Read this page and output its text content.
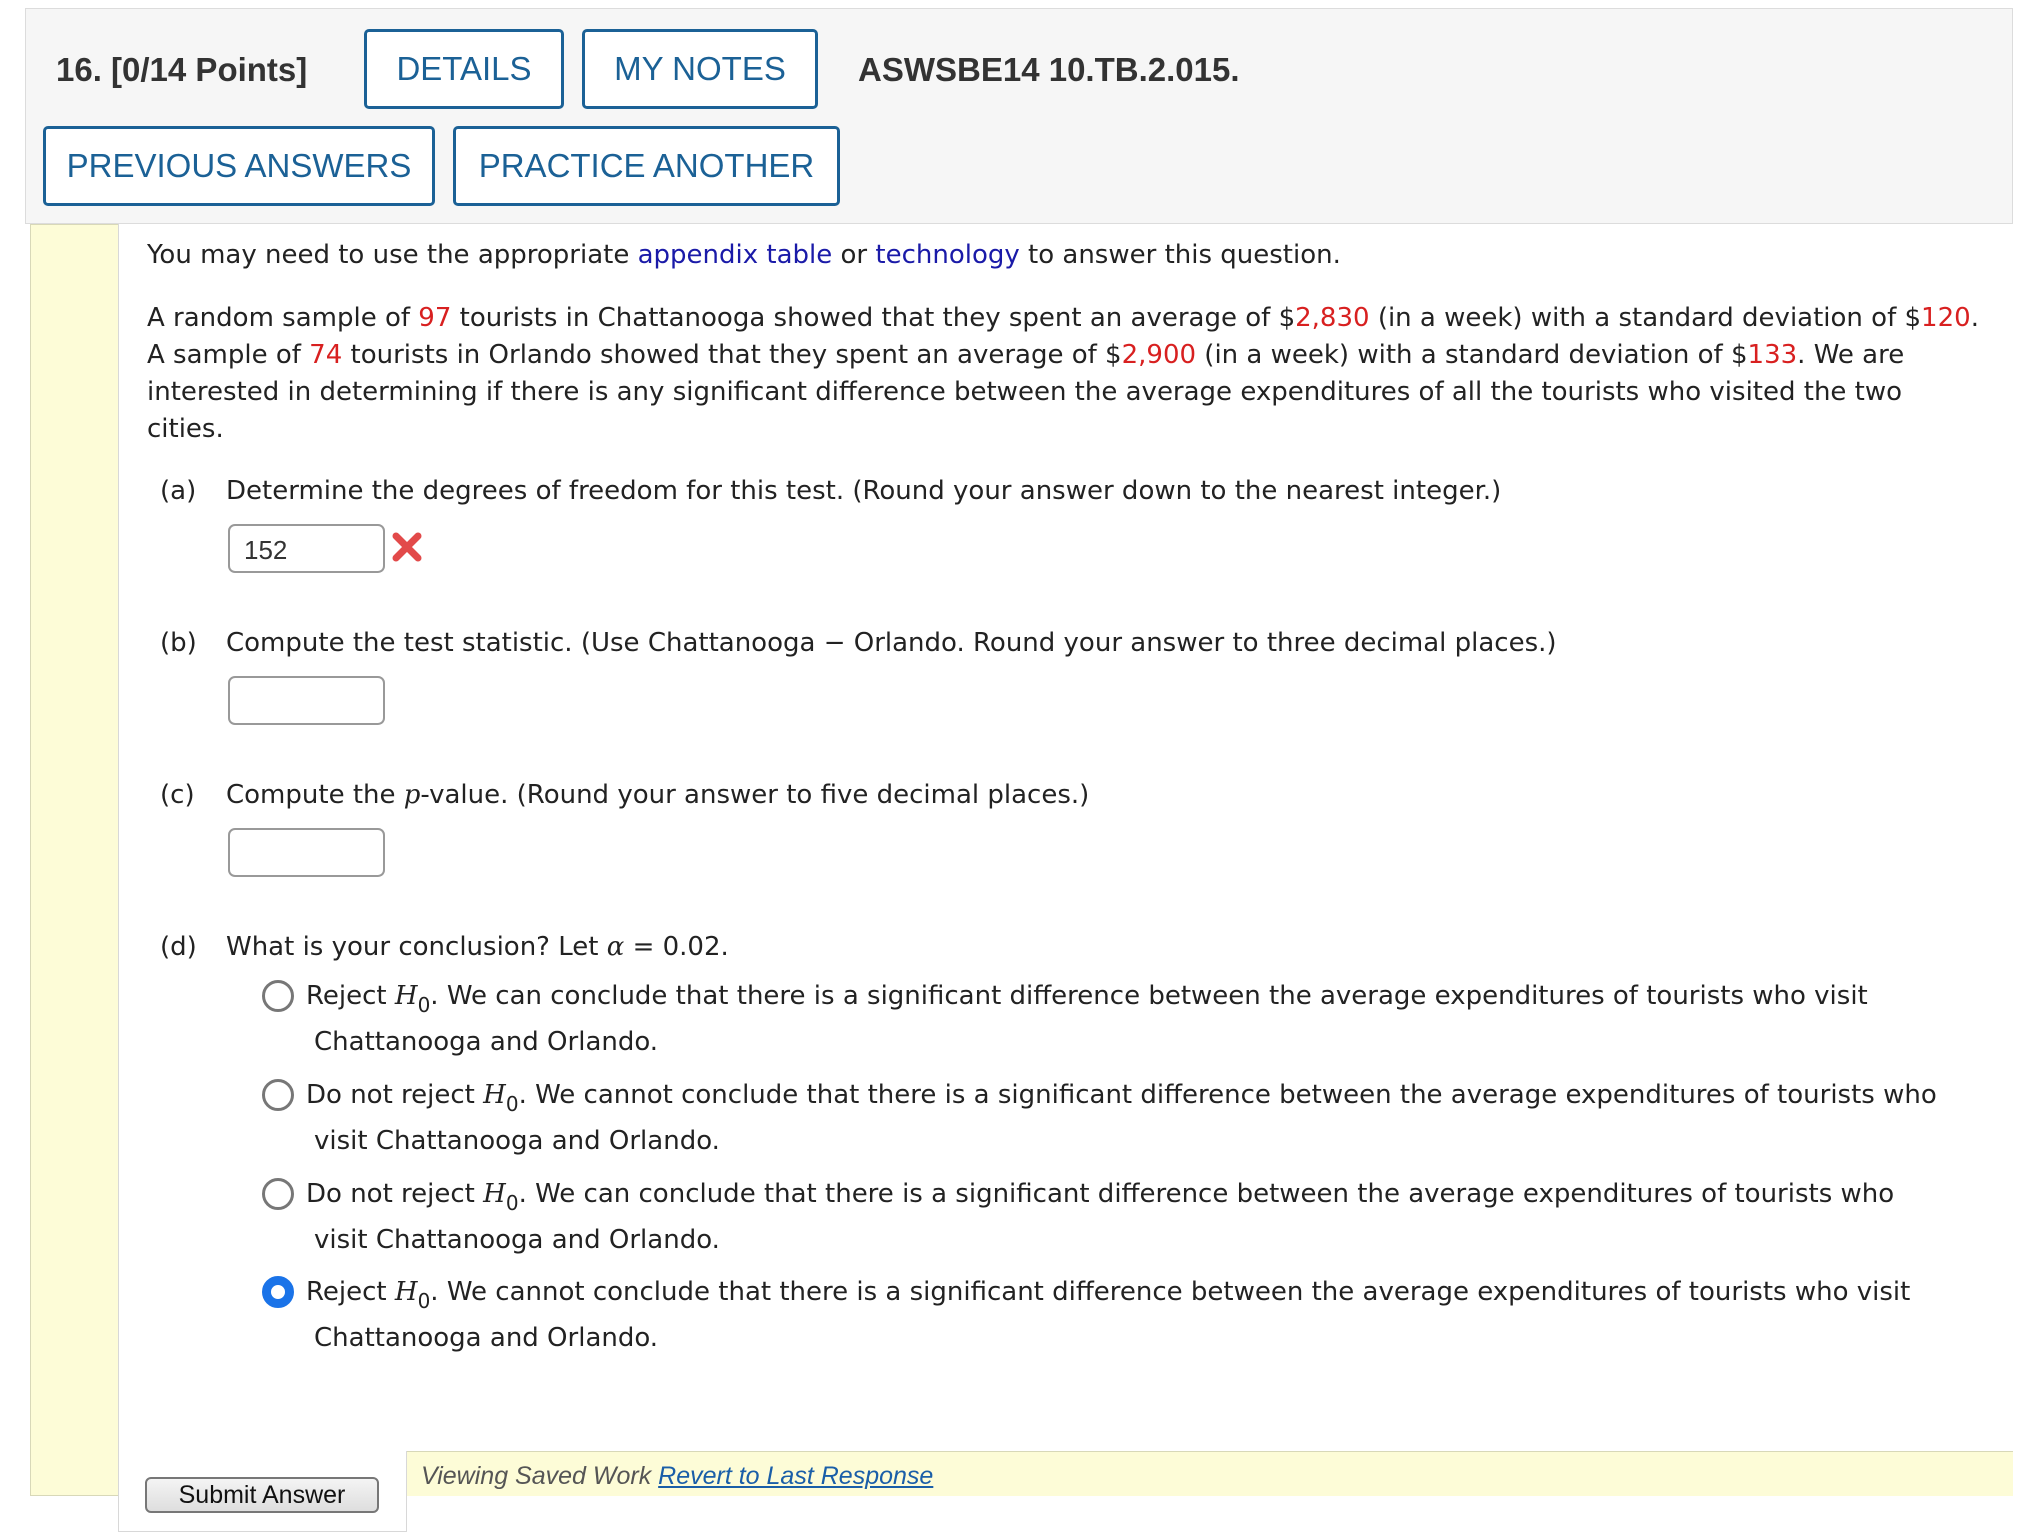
16. [0/14 Points]	DETAILS	MY NOTES	ASWSBE14 10.TB.2.015.
PREVIOUS ANSWERS	PRACTICE ANOTHER
You may need to use the appropriate appendix table or technology to answer this question.
A random sample of 97 tourists in Chattanooga showed that they spent an average of $2,830 (in a week) with a standard deviation of $120. A sample of 74 tourists in Orlando showed that they spent an average of $2,900 (in a week) with a standard deviation of $133. We are interested in determining if there is any significant difference between the average expenditures of all the tourists who visited the two cities.
(a) Determine the degrees of freedom for this test. (Round your answer down to the nearest integer.)
152
(b) Compute the test statistic. (Use Chattanooga − Orlando. Round your answer to three decimal places.)
(c) Compute the p-value. (Round your answer to five decimal places.)
(d) What is your conclusion? Let α = 0.02.
Reject $H_0$. We can conclude that there is a significant difference between the average expenditures of tourists who visit
Chattanooga and Orlando.
Do not reject $H_0$. We cannot conclude that there is a significant difference between the average expenditures of tourists who
visit Chattanooga and Orlando.
Do not reject $H_0$. We can conclude that there is a significant difference between the average expenditures of tourists who
visit Chattanooga and Orlando.
Reject $H_0$. We cannot conclude that there is a significant difference between the average expenditures of tourists who visit
Chattanooga and Orlando.
Submit Answer
Viewing Saved Work Revert to Last Response
